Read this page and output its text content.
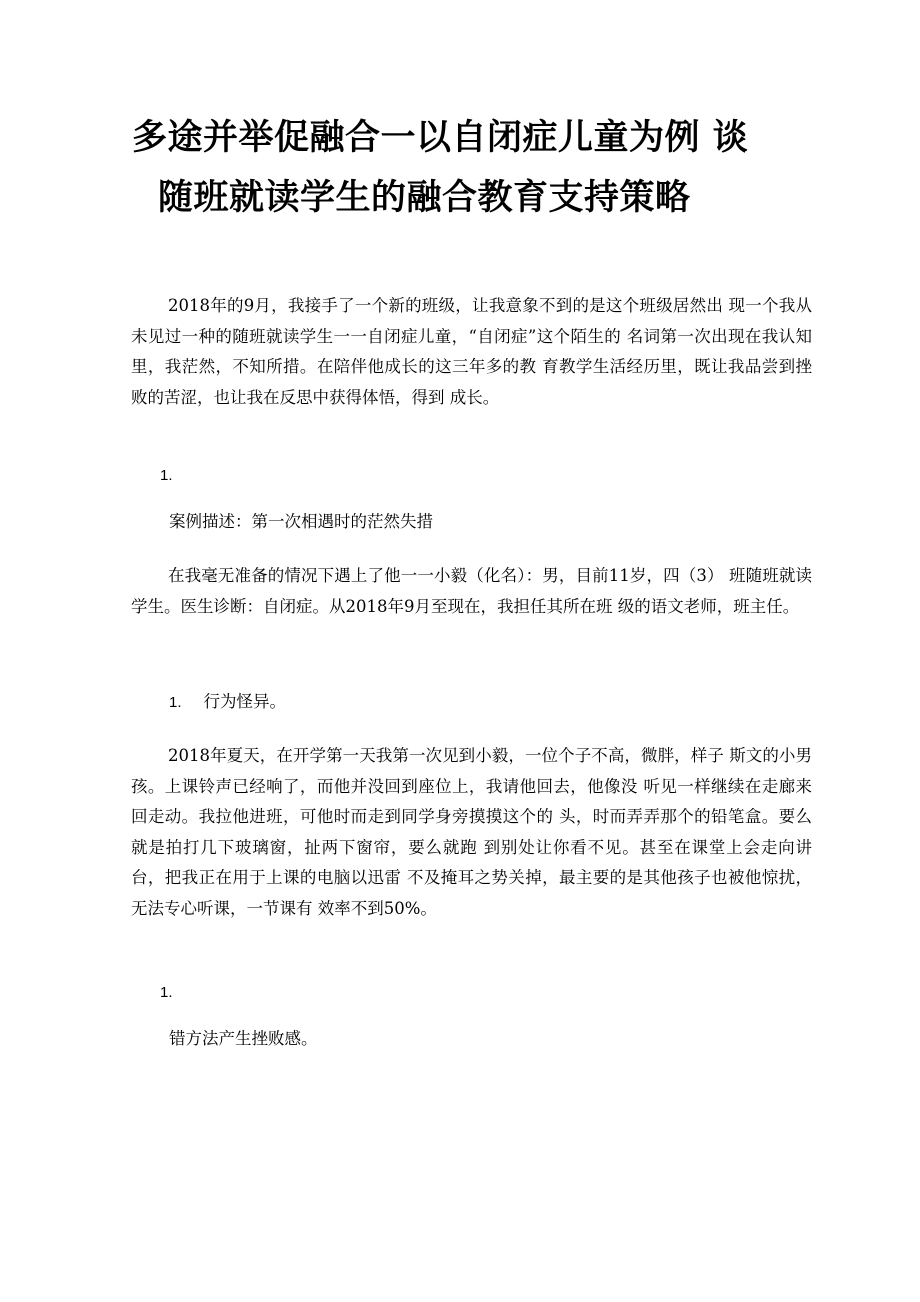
多途并举促融合一以自闭症儿童为例 谈
随班就读学生的融合教育支持策略

2018年的9月，我接手了一个新的班级，让我意象不到的是这个班级居然出 现一个我从未见过一种的随班就读学生一一自闭症儿童，“自闭症”这个陌生的 名词第一次出现在我认知里，我茫然，不知所措。在陪伴他成长的这三年多的教 育教学生活经历里，既让我品尝到挫败的苦涩，也让我在反思中获得体悟，得到 成长。

1.
案例描述：第一次相遇时的茫然失措

在我毫无准备的情况下遇上了他一一小毅（化名）：男，目前11岁，四（3） 班随班就读学生。医生诊断：自闭症。从2018年9月至现在，我担任其所在班 级的语文老师，班主任。

1. 行为怪异。

2018年夏天，在开学第一天我第一次见到小毅，一位个子不高，微胖，样子 斯文的小男孩。上课铃声已经响了，而他并没回到座位上，我请他回去，他像没 听见一样继续在走廊来回走动。我拉他进班，可他时而走到同学身旁摸摸这个的 头，时而弄弄那个的铅笔盒。要么就是拍打几下玻璃窗，扯两下窗帘，要么就跑 到别处让你看不见。甚至在课堂上会走向讲台，把我正在用于上课的电脑以迅雷 不及掩耳之势关掉，最主要的是其他孩子也被他惊扰，无法专心听课，一节课有 效率不到50%。

1.
错方法产生挫败感。
